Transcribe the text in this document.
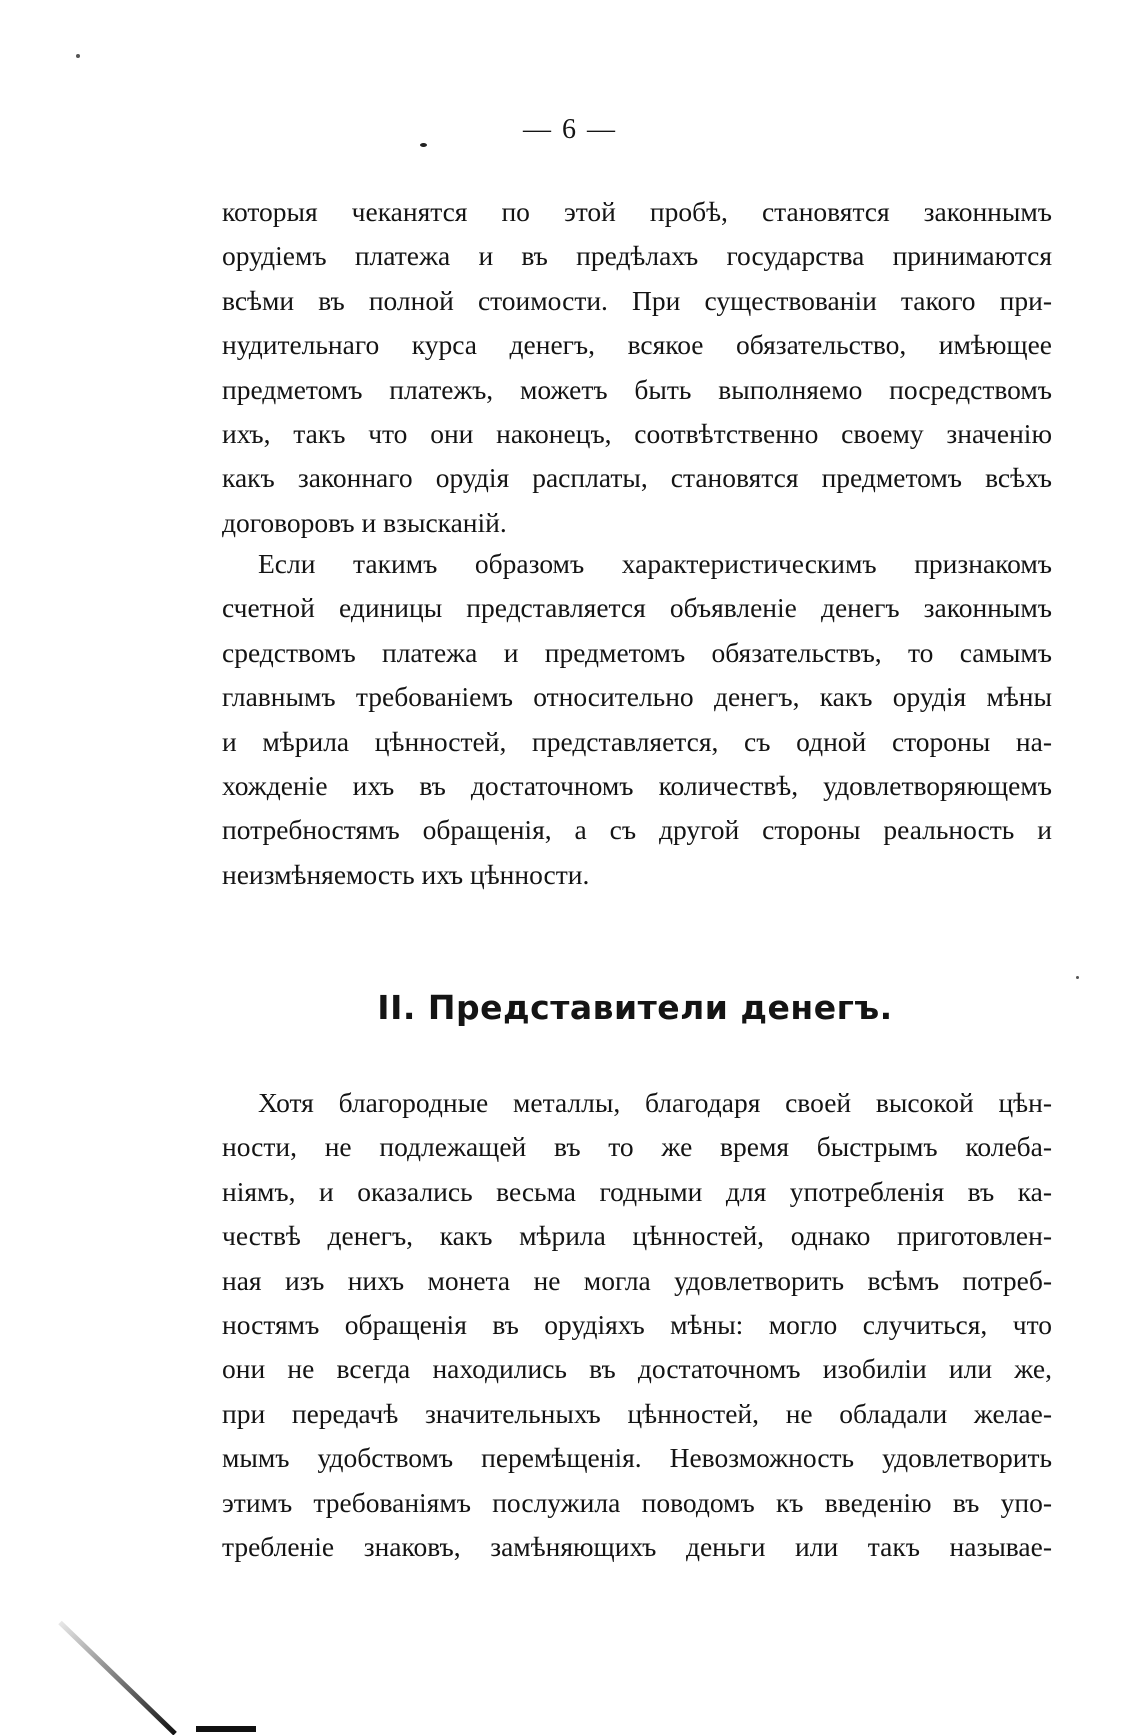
— 6 —
которыя чеканятся по этой пробѣ, становятся законнымъ
орудіемъ платежа и въ предѣлахъ государства принимаются
всѣми въ полной стоимости. При существованіи такого при-
нудительнаго курса денегъ, всякое обязательство, имѣющее
предметомъ платежъ, можетъ быть выполняемо посредствомъ
ихъ, такъ что они наконецъ, соотвѣтственно своему значенію
какъ законнаго орудія расплаты, становятся предметомъ всѣхъ
договоровъ и взысканій.
Если такимъ образомъ характеристическимъ признакомъ
счетной единицы представляется объявленіе денегъ законнымъ
средствомъ платежа и предметомъ обязательствъ, то самымъ
главнымъ требованіемъ относительно денегъ, какъ орудія мѣны
и мѣрила цѣнностей, представляется, съ одной стороны на-
хожденіе ихъ въ достаточномъ количествѣ, удовлетворяющемъ
потребностямъ обращенія, а съ другой стороны реальность и
неизмѣняемость ихъ цѣнности.
II. Представители денегъ.
Хотя благородные металлы, благодаря своей высокой цѣн-
ности, не подлежащей въ то же время быстрымъ колеба-
ніямъ, и оказались весьма годными для употребленія въ ка-
чествѣ денегъ, какъ мѣрила цѣнностей, однако приготовлен-
ная изъ нихъ монета не могла удовлетворить всѣмъ потреб-
ностямъ обращенія въ орудіяхъ мѣны: могло случиться, что
они не всегда находились въ достаточномъ изобиліи или же,
при передачѣ значительныхъ цѣнностей, не обладали желае-
мымъ удобствомъ перемѣщенія. Невозможность удовлетворить
этимъ требованіямъ послужила поводомъ къ введенію въ упо-
требленіе знаковъ, замѣняющихъ деньги или такъ называе-
